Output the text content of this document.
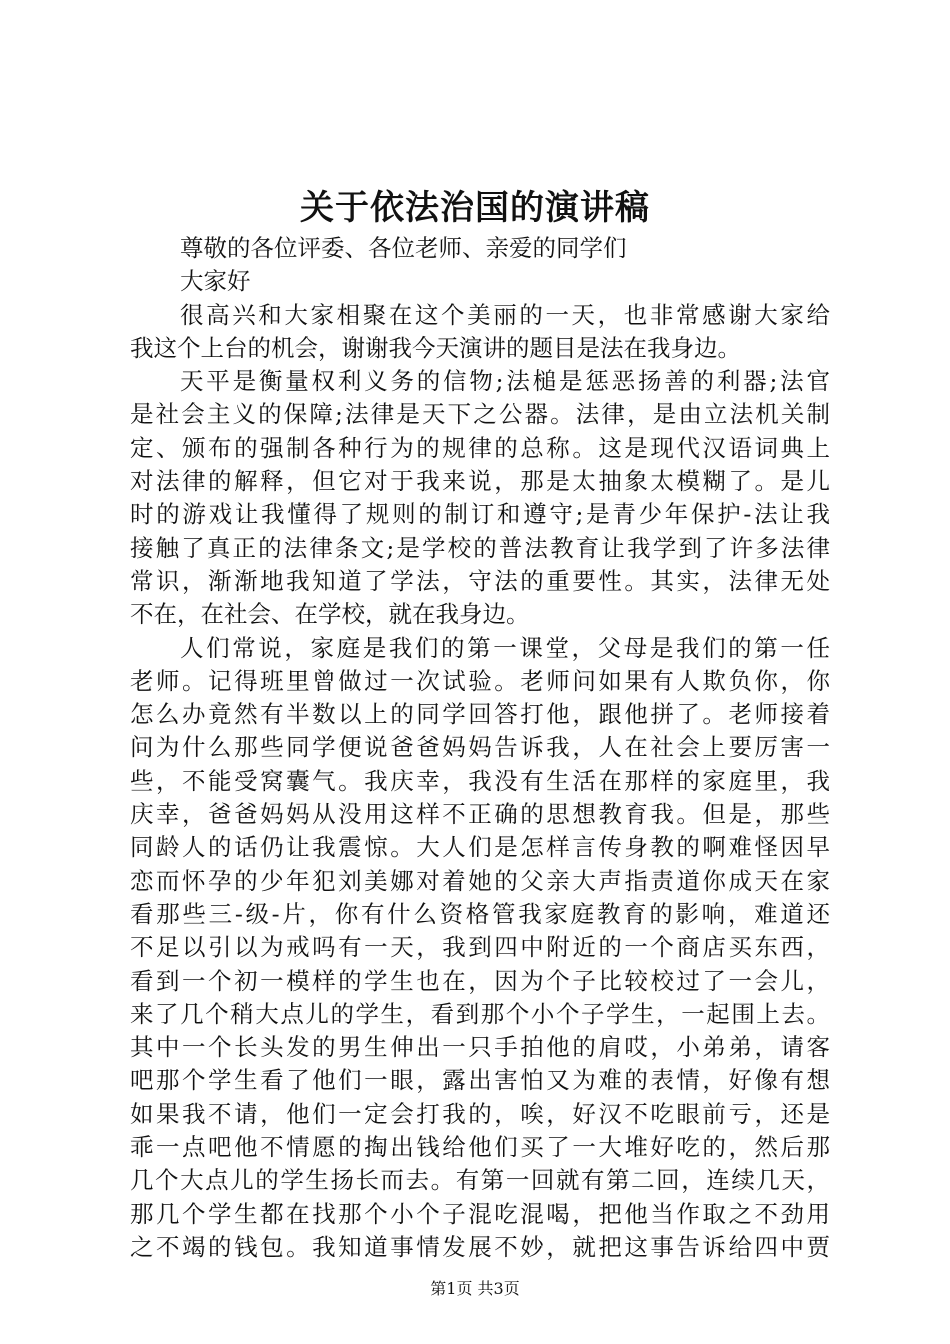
关于依法治国的演讲稿
尊敬的各位评委、各位老师、亲爱的同学们
大家好
很高兴和大家相聚在这个美丽的一天，也非常感谢大家给
我这个上台的机会，谢谢我今天演讲的题目是法在我身边。
天平是衡量权利义务的信物;法槌是惩恶扬善的利器;法官
是社会主义的保障;法律是天下之公器。法律，是由立法机关制
定、颁布的强制各种行为的规律的总称。这是现代汉语词典上
对法律的解释，但它对于我来说，那是太抽象太模糊了。是儿
时的游戏让我懂得了规则的制订和遵守;是青少年保护-法让我
接触了真正的法律条文;是学校的普法教育让我学到了许多法律
常识，渐渐地我知道了学法，守法的重要性。其实，法律无处
不在，在社会、在学校，就在我身边。
人们常说，家庭是我们的第一课堂，父母是我们的第一任
老师。记得班里曾做过一次试验。老师问如果有人欺负你，你
怎么办竟然有半数以上的同学回答打他，跟他拼了。老师接着
问为什么那些同学便说爸爸妈妈告诉我，人在社会上要厉害一
些，不能受窝囊气。我庆幸，我没有生活在那样的家庭里，我
庆幸，爸爸妈妈从没用这样不正确的思想教育我。但是，那些
同龄人的话仍让我震惊。大人们是怎样言传身教的啊难怪因早
恋而怀孕的少年犯刘美娜对着她的父亲大声指责道你成天在家
看那些三-级-片，你有什么资格管我家庭教育的影响，难道还
不足以引以为戒吗有一天，我到四中附近的一个商店买东西，
看到一个初一模样的学生也在，因为个子比较校过了一会儿，
来了几个稍大点儿的学生，看到那个小个子学生，一起围上去。
其中一个长头发的男生伸出一只手拍他的肩哎，小弟弟，请客
吧那个学生看了他们一眼，露出害怕又为难的表情，好像有想
如果我不请，他们一定会打我的，唉，好汉不吃眼前亏，还是
乖一点吧他不情愿的掏出钱给他们买了一大堆好吃的，然后那
几个大点儿的学生扬长而去。有第一回就有第二回，连续几天，
那几个学生都在找那个小个子混吃混喝，把他当作取之不劲用
之不竭的钱包。我知道事情发展不妙，就把这事告诉给四中贾
第1页 共3页
